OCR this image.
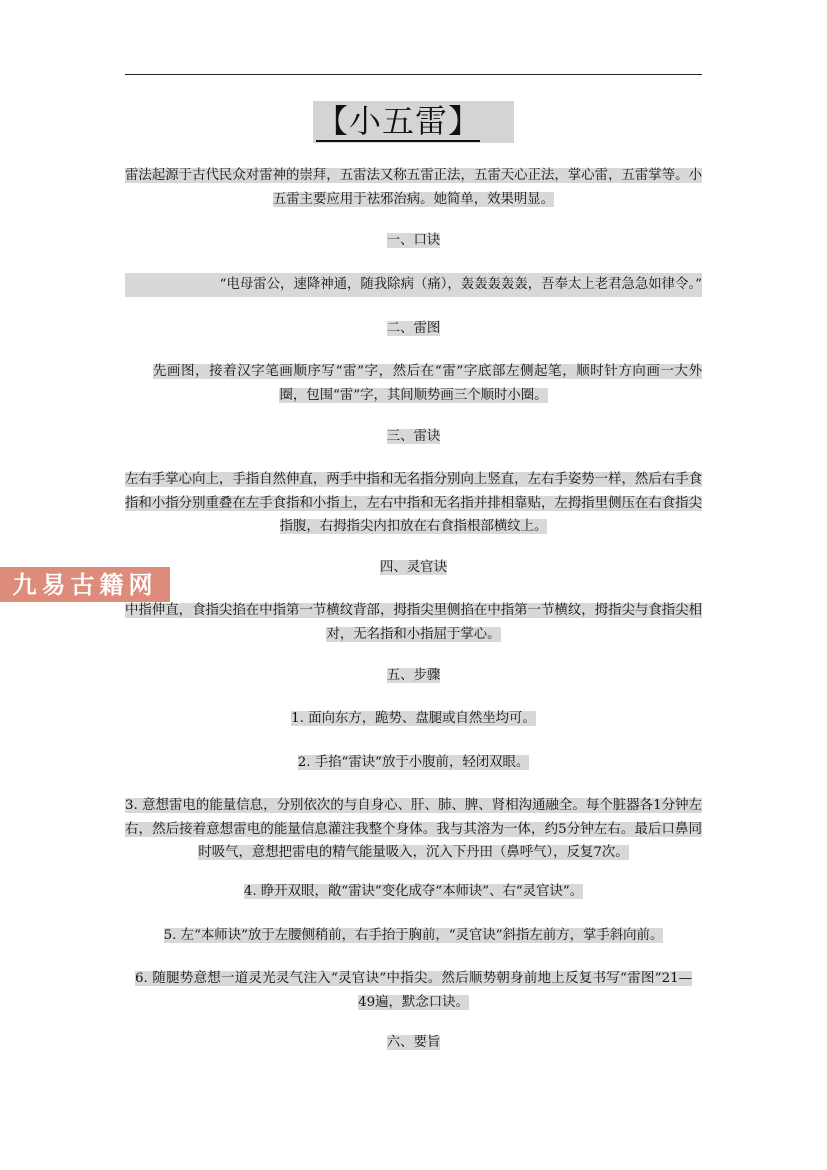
【小五雷】
雷法起源于古代民众对雷神的崇拜，五雷法又称五雷正法，五雷天心正法，掌心雷，五雷掌等。小五雷主要应用于祛邪治病。她简单，效果明显。
一、口诀
“电母雷公，速降神通，随我除病（痛），轰轰轰轰轰，吾奉太上老君急急如律令。”
二、雷图
先画图，接着汉字笔画顺序写“雷”字，然后在“雷”字底部左侧起笔，顺时针方向画一大外圈，包围“雷”字，其间顺势画三个顺时小圈。
三、雷诀
左右手掌心向上，手指自然伸直，两手中指和无名指分别向上竖直，左右手姿势一样，然后右手食指和小指分别重叠在左手食指和小指上，左右中指和无名指并排相靠贴，左拇指里侧压在右食指尖指腹，右拇指尖内扣放在右食指根部横纹上。
四、灵官诀
中指伸直，食指尖掐在中指第一节横纹背部，拇指尖里侧掐在中指第一节横纹，拇指尖与食指尖相对，无名指和小指屈于掌心。
五、步骤
1. 面向东方，跪势、盘腿或自然坐均可。
2. 手掐“雷诀”放于小腹前，轻闭双眼。
3. 意想雷电的能量信息，分别依次的与自身心、肝、肺、脾、肾相沟通融全。每个脏器各1分钟左右，然后接着意想雷电的能量信息灌注我整个身体。我与其溶为一体，约5分钟左右。最后口鼻同时吸气，意想把雷电的精气能量吸入，沉入下丹田（鼻呼气），反复7次。
4. 睁开双眼，敞“雷诀”变化成夺“本师诀”、右“灵官诀”。
5. 左“本师诀”放于左腰侧稍前，右手抬于胸前，“灵官诀”斜指左前方，掌手斜向前。
6. 随腿势意想一道灵光灵气注入“灵官诀”中指尖。然后顺势朝身前地上反复书写“雷图”21—49遍，默念口诀。
六、要旨
九易古籍网
